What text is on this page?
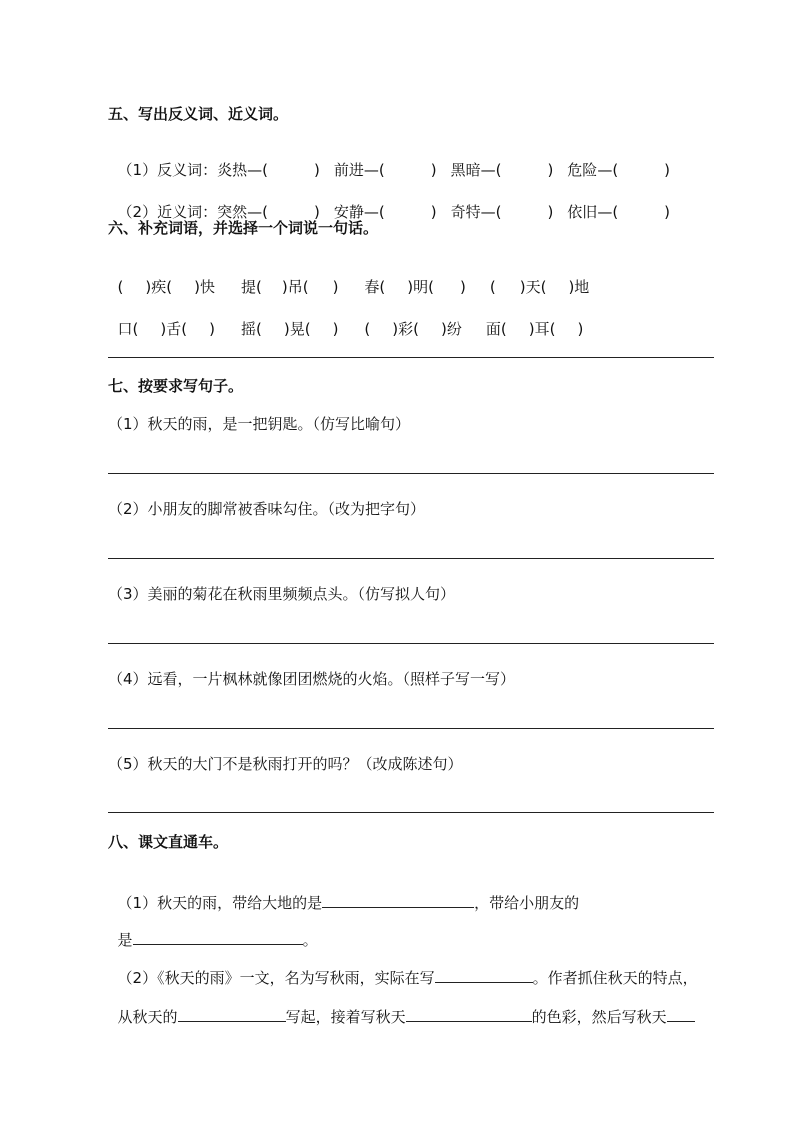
五、写出反义词、近义词。

（1）反义词：炎热—(	) 前进—(	) 黑暗—(	) 危险—(	)

（2）近义词：突然—(	) 安静—(	) 奇特—(	) 依旧—(	)

六、补充词语，并选择一个词说一句话。

( )疾( )快 提( )吊( ) 春( )明( ) ( )天( )地

口( )舌( ) 摇( )晃( ) ( )彩( )纷 面( )耳( )

七、按要求写句子。
（1）秋天的雨，是一把钥匙。（仿写比喻句）
（2）小朋友的脚常被香味勾住。（改为把字句）
（3）美丽的菊花在秋雨里频频点头。（仿写拟人句）
（4）远看，一片枫林就像团团燃烧的火焰。（照样子写一写）
（5）秋天的大门不是秋雨打开的吗？（改成陈述句）
八、课文直通车。

（1）秋天的雨，带给大地的是	，带给小朋友的

是	。

（2）《秋天的雨》一文，名为写秋雨，实际在写	。作者抓住秋天的特点，

从秋天的	写起，接着写秋天	的色彩，然后写秋天
